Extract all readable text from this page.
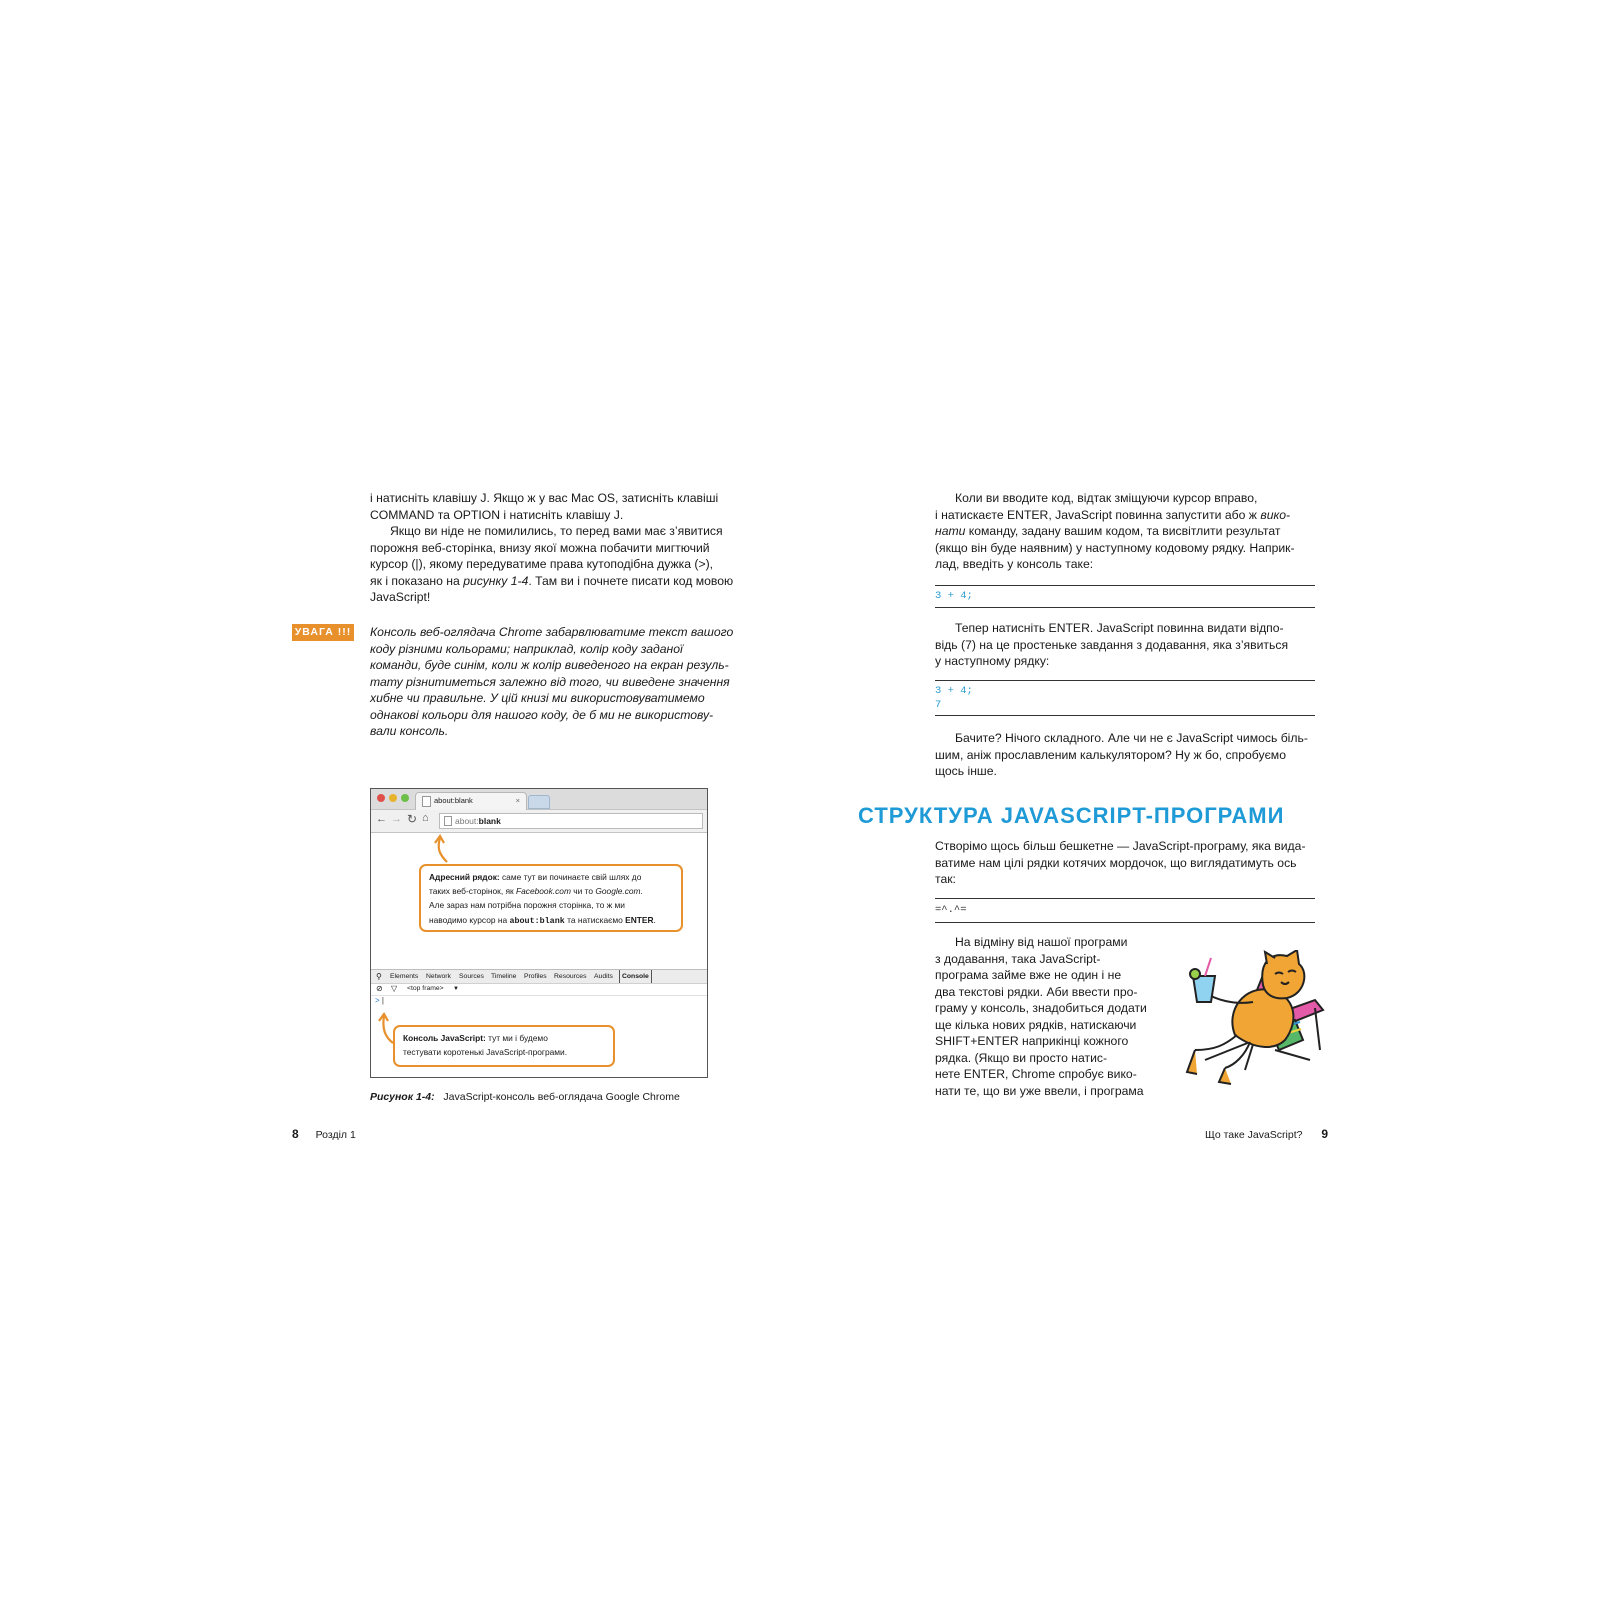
і натисніть клавішу J. Якщо ж у вас Mac OS, затисніть клавіші
COMMAND та OPTION і натисніть клавішу J.
Якщо ви ніде не помилились, то перед вами має з’явитися
порожня веб-сторінка, внизу якої можна побачити мигтючий
курсор (|), якому передуватиме права кутоподібна дужка (>),
як і показано на рисунку 1-4. Там ви і почнете писати код мовою
JavaScript!
УВАГА !!! Консоль веб-оглядача Chrome забарвлюватиме текст вашого
коду різними кольорами; наприклад, колір коду заданої
команди, буде синім, коли ж колір виведеного на екран резуль-
тату різнитиметься залежно від того, чи виведене значення
хибне чи правильне. У цій книзі ми використовуватимемо
однакові кольори для нашого коду, де б ми не використову-
вали консоль.
about:blank	×
← → ↻ ⌂	about:blank
Адресний рядок: саме тут ви починаєте свій шлях до
таких веб-сторінок, як Facebook.com чи то Google.com.
Але зараз нам потрібна порожня сторінка, то ж ми
наводимо курсор на about:blank та натискаємо ENTER.
⚲ Elements Network Sources Timeline Profiles Resources Audits	Console
⊘ ▽ <top frame> ▼
> |
Консоль JavaScript: тут ми і будемо
тестувати коротенькі JavaScript-програми.
Рисунок 1-4: JavaScript-консоль веб-оглядача Google Chrome
8 Розділ 1
Коли ви вводите код, відтак зміщуючи курсор вправо,
і натискаєте ENTER, JavaScript повинна запустити або ж вико-
нати команду, задану вашим кодом, та висвітлити результат
(якщо він буде наявним) у наступному кодовому рядку. Наприк-
лад, введіть у консоль таке:
3 + 4;
Тепер натисніть ENTER. JavaScript повинна видати відпо-
відь (7) на це простеньке завдання з додавання, яка з’явиться
у наступному рядку:
3 + 4;
7
Бачите? Нічого складного. Але чи не є JavaScript чимось біль-
шим, аніж прославленим калькулятором? Ну ж бо, спробуємо
щось інше.
СТРУКТУРА JAVASCRIPT-ПРОГРАМИ
Створімо щось більш бешкетне — JavaScript-програму, яка вида-
ватиме нам цілі рядки котячих мордочок, що виглядатимуть ось
так:
=^.^=
На відміну від нашої програми
з додавання, така JavaScript-
програма займе вже не один і не
два текстові рядки. Аби ввести про-
граму у консоль, знадобиться додати
ще кілька нових рядків, натискаючи
SHIFT+ENTER наприкінці кожного
рядка. (Якщо ви просто натис-
нете ENTER, Chrome спробує вико-
нати те, що ви уже ввели, і програма
Що таке JavaScript? 9
